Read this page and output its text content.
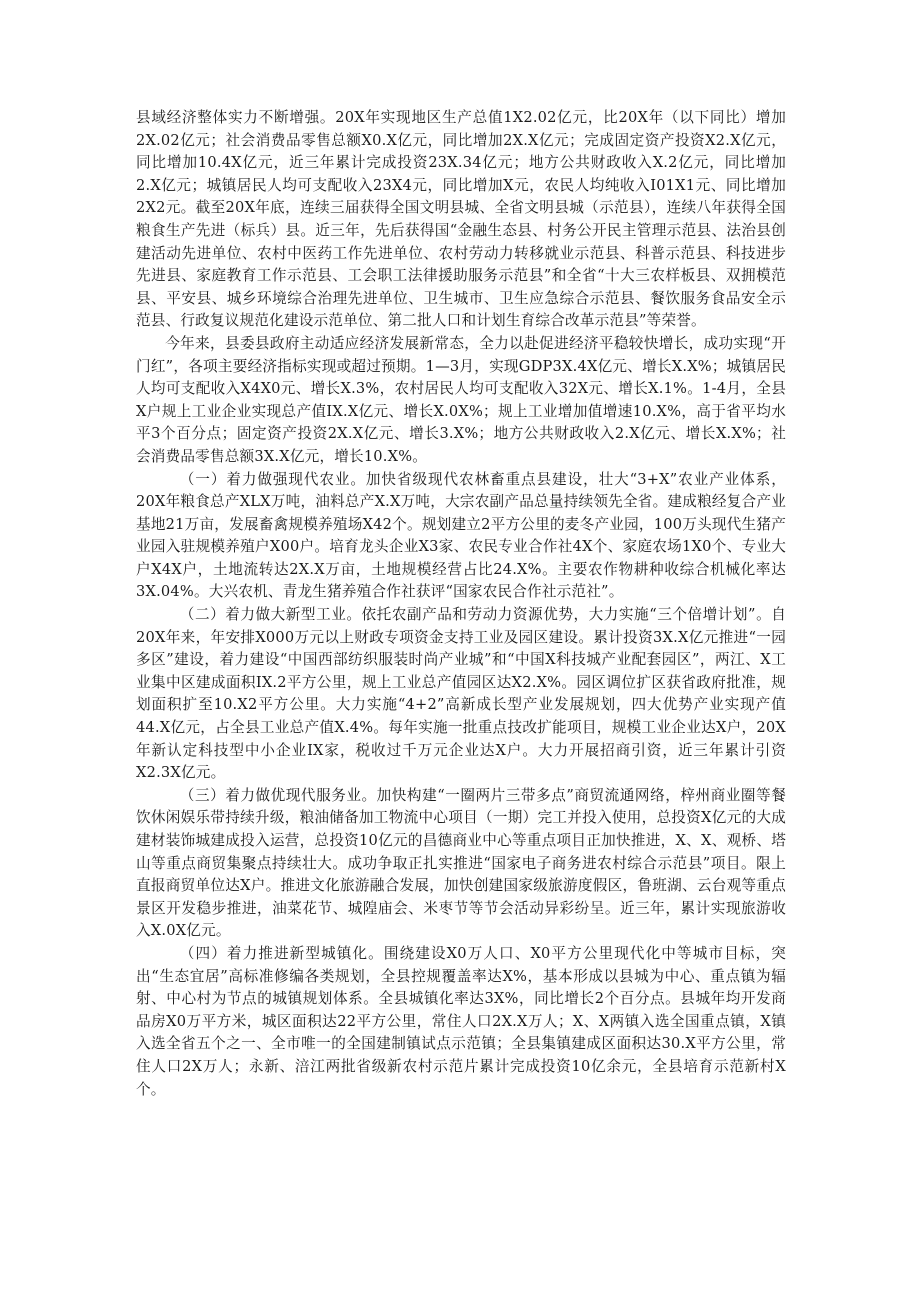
县域经济整体实力不断增强。20X年实现地区生产总值1X2.02亿元，比20X年（以下同比）增加2X.02亿元；社会消费品零售总额X0.X亿元，同比增加2X.X亿元；完成固定资产投资X2.X亿元，同比增加10.4X亿元，近三年累计完成投资23X.34亿元；地方公共财政收入X.2亿元，同比增加2.X亿元；城镇居民人均可支配收入23X4元，同比增加X元，农民人均纯收入I01X1元、同比增加2X2元。截至20X年底，连续三届获得全国文明县城、全省文明县城（示范县），连续八年获得全国粮食生产先进（标兵）县。近三年，先后获得国“金融生态县、村务公开民主管理示范县、法治县创建活动先进单位、农村中医药工作先进单位、农村劳动力转移就业示范县、科普示范县、科技进步先进县、家庭教育工作示范县、工会职工法律援助服务示范县”和全省“十大三农样板县、双拥模范县、平安县、城乡环境综合治理先进单位、卫生城市、卫生应急综合示范县、餐饮服务食品安全示范县、行政复议规范化建设示范单位、第二批人口和计划生育综合改革示范县”等荣誉。

今年来，县委县政府主动适应经济发展新常态，全力以赴促进经济平稳较快增长，成功实现“开门红”，各项主要经济指标实现或超过预期。1—3月，实现GDP3X.4X亿元、增长X.X%；城镇居民人均可支配收入X4X0元、增长X.3%，农村居民人均可支配收入32X元、增长X.1%。1-4月，全县X户规上工业企业实现总产值IX.X亿元、增长X.0X%；规上工业增加值增速10.X%，高于省平均水平3个百分点；固定资产投资2X.X亿元、增长3.X%；地方公共财政收入2.X亿元、增长X.X%；社会消费品零售总额3X.X亿元，增长10.X%。

（一）着力做强现代农业。加快省级现代农林畜重点县建设，壮大“3+X”农业产业体系，20X年粮食总产XLX万吨，油料总产X.X万吨，大宗农副产品总量持续领先全省。建成粮经复合产业基地21万亩，发展畜禽规模养殖场X42个。规划建立2平方公里的麦冬产业园，100万头现代生猪产业园入驻规模养殖户X00户。培育龙头企业X3家、农民专业合作社4X个、家庭农场1X0个、专业大户X4X户，土地流转达2X.X万亩，土地规模经营占比24.X%。主要农作物耕种收综合机械化率达3X.04%。大兴农机、青龙生猪养殖合作社获评“国家农民合作社示范社”。

（二）着力做大新型工业。依托农副产品和劳动力资源优势，大力实施“三个倍增计划”。自20X年来，年安排X000万元以上财政专项资金支持工业及园区建设。累计投资3X.X亿元推进“一园多区”建设，着力建设“中国西部纺织服装时尚产业城”和“中国X科技城产业配套园区”，两江、X工业集中区建成面积IX.2平方公里，规上工业总产值园区达X2.X%。园区调位扩区获省政府批准，规划面积扩至10.X2平方公里。大力实施“4+2”高新成长型产业发展规划，四大优势产业实现产值44.X亿元，占全县工业总产值X.4%。每年实施一批重点技改扩能项目，规模工业企业达X户，20X年新认定科技型中小企业IX家，税收过千万元企业达X户。大力开展招商引资，近三年累计引资X2.3X亿元。

（三）着力做优现代服务业。加快构建“一圈两片三带多点”商贸流通网络，梓州商业圈等餐饮休闲娱乐带持续升级，粮油储备加工物流中心项目（一期）完工并投入使用，总投资X亿元的大成建材装饰城建成投入运营，总投资10亿元的昌德商业中心等重点项目正加快推进，X、X、观桥、塔山等重点商贸集聚点持续壮大。成功争取正扎实推进“国家电子商务进农村综合示范县”项目。限上直报商贸单位达X户。推进文化旅游融合发展，加快创建国家级旅游度假区，鲁班湖、云台观等重点景区开发稳步推进，油菜花节、城隍庙会、米枣节等节会活动异彩纷呈。近三年，累计实现旅游收入X.0X亿元。

（四）着力推进新型城镇化。围绕建设X0万人口、X0平方公里现代化中等城市目标，突出“生态宜居”高标准修编各类规划，全县控规覆盖率达X%，基本形成以县城为中心、重点镇为辐射、中心村为节点的城镇规划体系。全县城镇化率达3X%，同比增长2个百分点。县城年均开发商品房X0万平方米，城区面积达22平方公里，常住人口2X.X万人；X、X两镇入选全国重点镇，X镇入选全省五个之一、全市唯一的全国建制镇试点示范镇；全县集镇建成区面积达30.X平方公里，常住人口2X万人；永新、涪江两批省级新农村示范片累计完成投资10亿余元，全县培育示范新村X个。
